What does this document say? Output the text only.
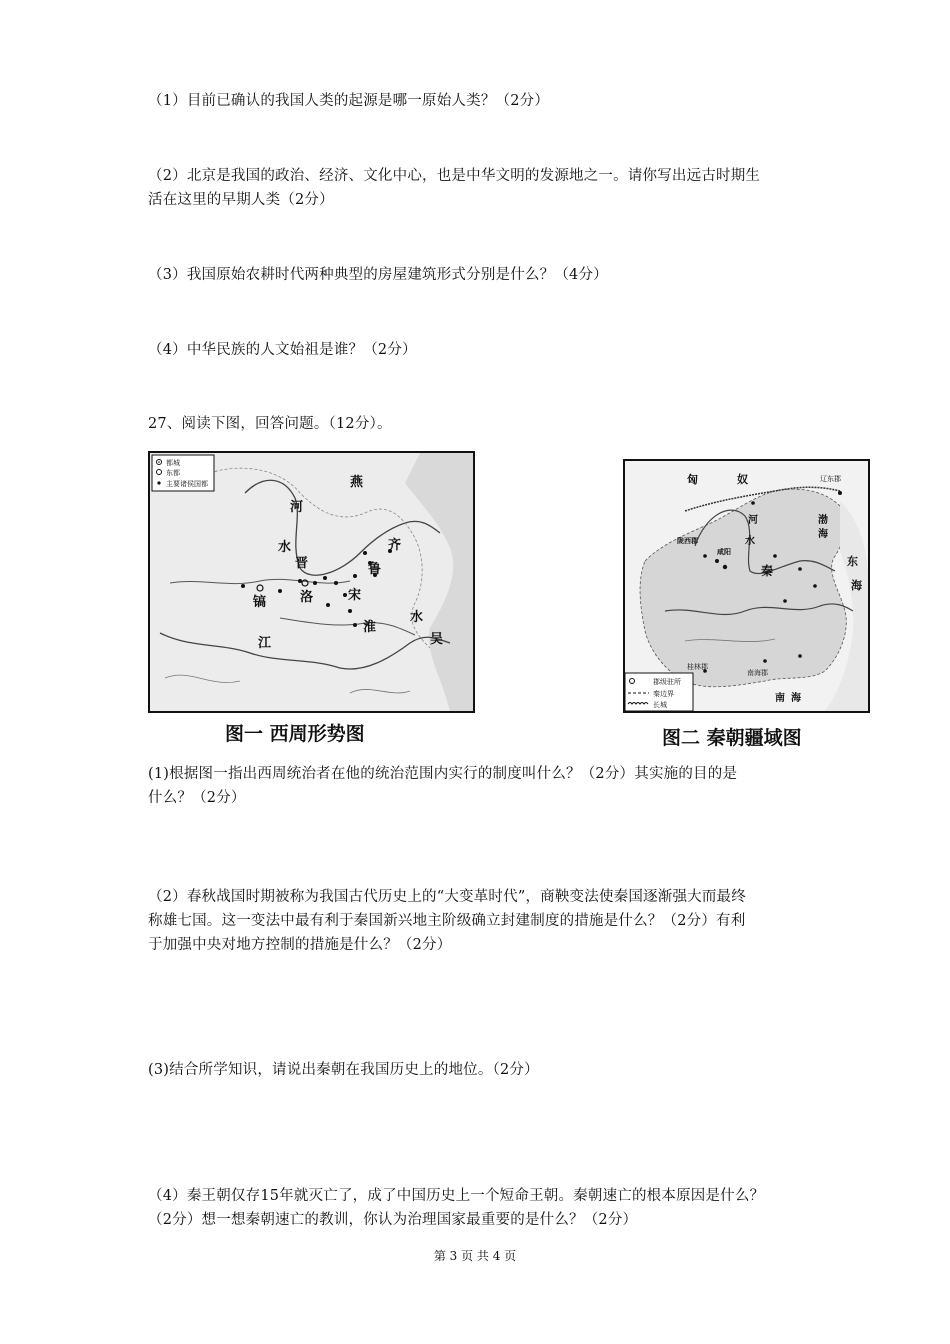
（1）目前已确认的我国人类的起源是哪一原始人类？（2分）
（2）北京是我国的政治、经济、文化中心，也是中华文明的发源地之一。请你写出远古时期生
活在这里的早期人类（2分）
（3）我国原始农耕时代两种典型的房屋建筑形式分别是什么？（4分）
（4）中华民族的人文始祖是谁？（2分）
27、阅读下图，回答问题。（12分）。
都城
东都
主要诸侯国都	燕
河
水	齐
晋	鲁
镐	洛	宋
水
淮
江	吴
图一 西周形势图
匈	奴	辽东郡
陇西郡
咸阳
河
水
渤
海
秦
东
海
桂林郡
南海郡
南 海
郡级驻所
秦边界
长城
图二 秦朝疆域图
(1)根据图一指出西周统治者在他的统治范围内实行的制度叫什么？（2分）其实施的目的是
什么？（2分）
（2）春秋战国时期被称为我国古代历史上的“大变革时代”，商鞅变法使秦国逐渐强大而最终
称雄七国。这一变法中最有利于秦国新兴地主阶级确立封建制度的措施是什么？（2分）有利
于加强中央对地方控制的措施是什么？（2分）
(3)结合所学知识，请说出秦朝在我国历史上的地位。（2分）
（4）秦王朝仅存15年就灭亡了，成了中国历史上一个短命王朝。秦朝速亡的根本原因是什么？
（2分）想一想秦朝速亡的教训，你认为治理国家最重要的是什么？（2分）
第 3 页 共 4 页
